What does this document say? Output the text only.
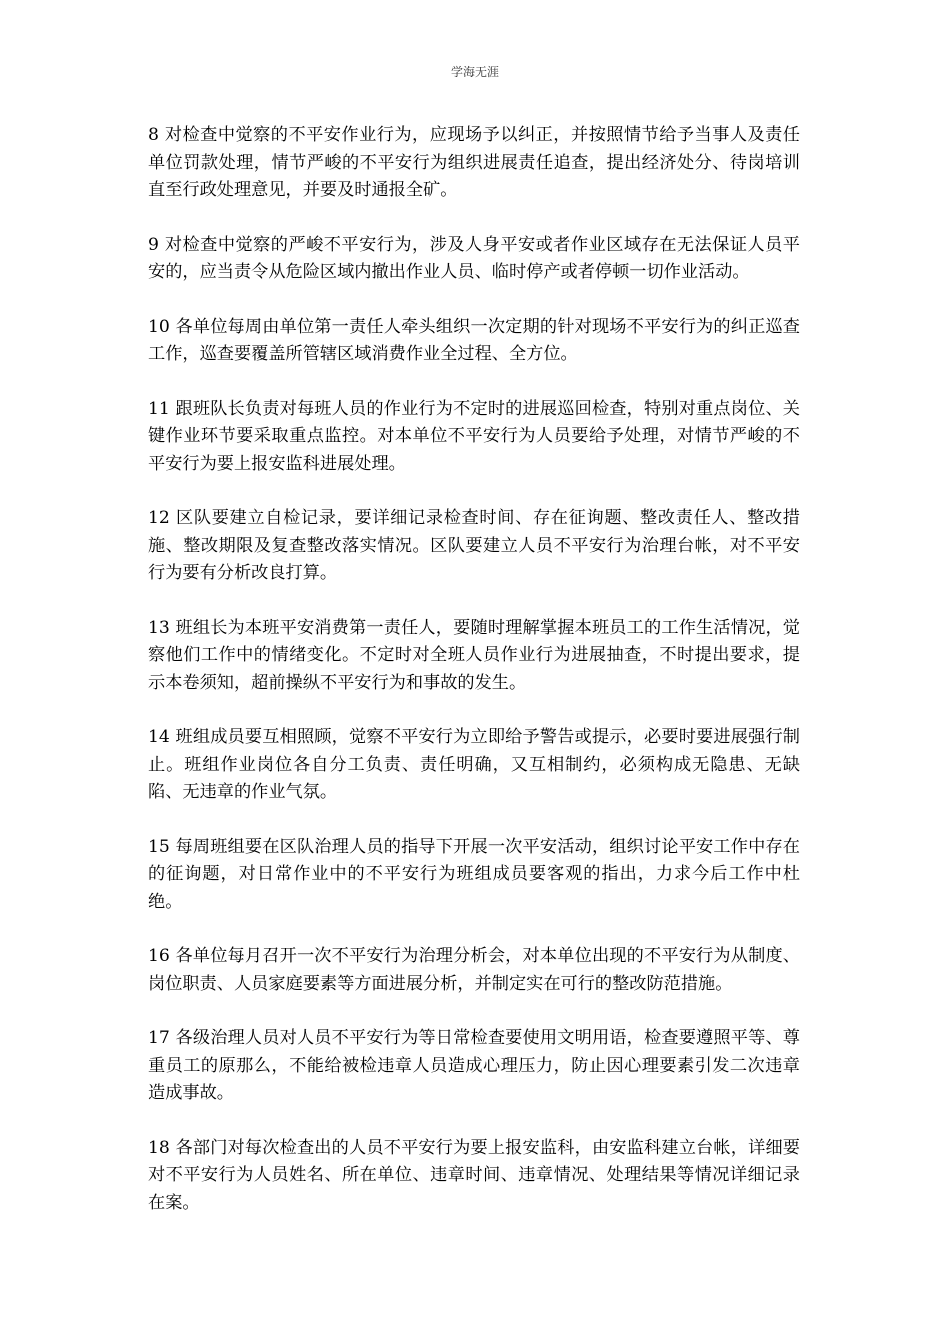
学海无涯

8 对检查中觉察的不平安作业行为，应现场予以纠正，并按照情节给予当事人及责任单位罚款处理，情节严峻的不平安行为组织进展责任追查，提出经济处分、待岗培训直至行政处理意见，并要及时通报全矿。

9 对检查中觉察的严峻不平安行为，涉及人身平安或者作业区域存在无法保证人员平安的，应当责令从危险区域内撤出作业人员、临时停产或者停顿一切作业活动。

10 各单位每周由单位第一责任人牵头组织一次定期的针对现场不平安行为的纠正巡查工作，巡查要覆盖所管辖区域消费作业全过程、全方位。

11 跟班队长负责对每班人员的作业行为不定时的进展巡回检查，特别对重点岗位、关键作业环节要采取重点监控。对本单位不平安行为人员要给予处理，对情节严峻的不平安行为要上报安监科进展处理。

12 区队要建立自检记录，要详细记录检查时间、存在征询题、整改责任人、整改措施、整改期限及复查整改落实情况。区队要建立人员不平安行为治理台帐，对不平安行为要有分析改良打算。

13 班组长为本班平安消费第一责任人，要随时理解掌握本班员工的工作生活情况，觉察他们工作中的情绪变化。不定时对全班人员作业行为进展抽查，不时提出要求，提示本卷须知，超前操纵不平安行为和事故的发生。

14 班组成员要互相照顾，觉察不平安行为立即给予警告或提示，必要时要进展强行制止。班组作业岗位各自分工负责、责任明确，又互相制约，必须构成无隐患、无缺陷、无违章的作业气氛。

15 每周班组要在区队治理人员的指导下开展一次平安活动，组织讨论平安工作中存在的征询题，对日常作业中的不平安行为班组成员要客观的指出，力求今后工作中杜绝。

16 各单位每月召开一次不平安行为治理分析会，对本单位出现的不平安行为从制度、岗位职责、人员家庭要素等方面进展分析，并制定实在可行的整改防范措施。

17 各级治理人员对人员不平安行为等日常检查要使用文明用语，检查要遵照平等、尊重员工的原那么，不能给被检违章人员造成心理压力，防止因心理要素引发二次违章造成事故。

18 各部门对每次检查出的人员不平安行为要上报安监科，由安监科建立台帐，详细要对不平安行为人员姓名、所在单位、违章时间、违章情况、处理结果等情况详细记录在案。
